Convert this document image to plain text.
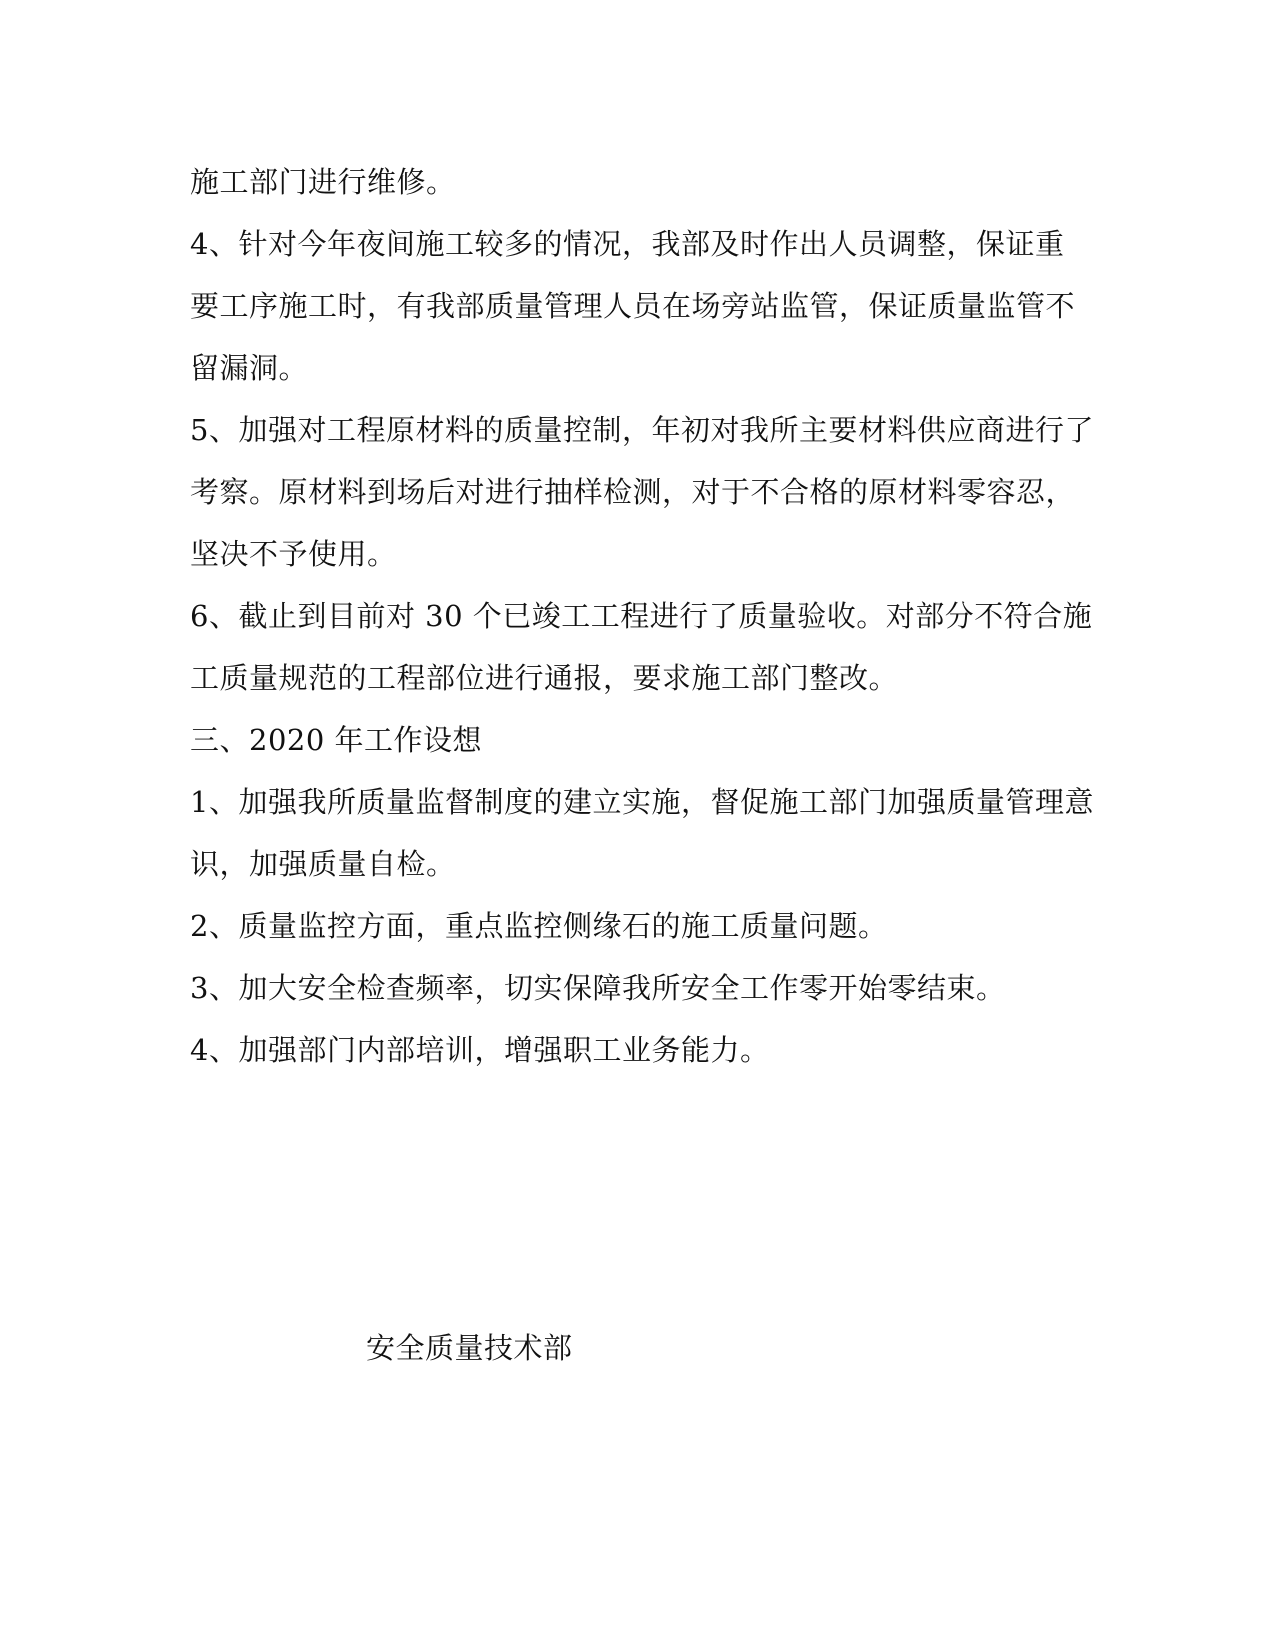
施工部门进行维修。
4、针对今年夜间施工较多的情况，我部及时作出人员调整，保证重
要工序施工时，有我部质量管理人员在场旁站监管，保证质量监管不
留漏洞。
5、加强对工程原材料的质量控制，年初对我所主要材料供应商进行了
考察。原材料到场后对进行抽样检测，对于不合格的原材料零容忍，
坚决不予使用。
6、截止到目前对 30 个已竣工工程进行了质量验收。对部分不符合施
工质量规范的工程部位进行通报，要求施工部门整改。
三、2020 年工作设想
1、加强我所质量监督制度的建立实施，督促施工部门加强质量管理意
识，加强质量自检。
2、质量监控方面，重点监控侧缘石的施工质量问题。
3、加大安全检查频率，切实保障我所安全工作零开始零结束。
4、加强部门内部培训，增强职工业务能力。
安全质量技术部
